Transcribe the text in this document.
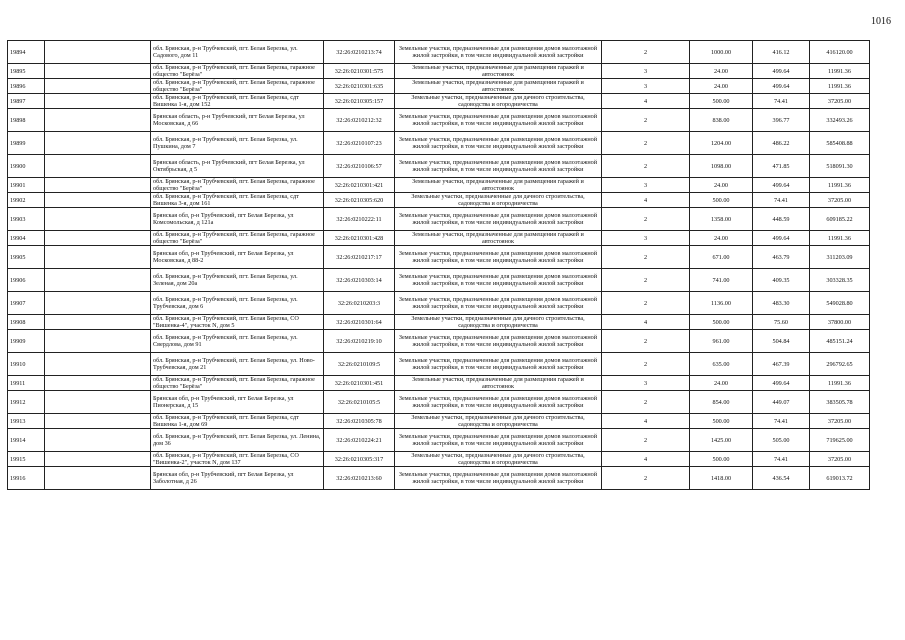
1016
19894		обл. Брянская, р-н Трубчевский, пгт. Белая Березка, ул. Садового, дом 11	32:26:0210213:74	Земельные участки, предназначенные для размещения домов малоэтажной жилой застройки, в том числе индивидуальной жилой застройки	2	1000.00	416.12	416120.00
19895		обл. Брянская, р-н Трубчевский, пгт. Белая Березка, гаражное общество "Берёза"	32:26:0210301:575	Земельные участки, предназначенные для размещения гаражей и автостоянок	3	24.00	499.64	11991.36
19896		обл. Брянская, р-н Трубчевский, пгт. Белая Березка, гаражное общество "Берёза"	32:26:0210301:635	Земельные участки, предназначенные для размещения гаражей и автостоянок	3	24.00	499.64	11991.36
19897		обл. Брянская, р-н Трубчевский, пгт. Белая Березка, сдт Вишенка 1-я, дом 152	32:26:0210305:157	Земельные участки, предназначенные для дачного строительства, садоводства и огородничества	4	500.00	74.41	37205.00
19898		Брянская область, р-н Трубчевский, пгт Белая Березка, ул Московская, д 66	32:26:0210212:32	Земельные участки, предназначенные для размещения домов малоэтажной жилой застройки, в том числе индивидуальной жилой застройки	2	838.00	396.77	332493.26
19899		обл. Брянская, р-н Трубчевский, пгт. Белая Березка, ул. Пушкина, дом 7	32:26:0210107:23	Земельные участки, предназначенные для размещения домов малоэтажной жилой застройки, в том числе индивидуальной жилой застройки	2	1204.00	486.22	585408.88
19900		Брянская область, р-н Трубчевский, пгт Белая Березка, ул Октябрьская, д 5	32:26:0210106:57	Земельные участки, предназначенные для размещения домов малоэтажной жилой застройки, в том числе индивидуальной жилой застройки	2	1098.00	471.85	518091.30
19901		обл. Брянская, р-н Трубчевский, пгт. Белая Березка, гаражное общество "Берёза"	32:26:0210301:421	Земельные участки, предназначенные для размещения гаражей и автостоянок	3	24.00	499.64	11991.36
19902		обл. Брянская, р-н Трубчевский, пгт. Белая Березка, сдт Вишенка 3-я, дом 161	32:26:0210305:620	Земельные участки, предназначенные для дачного строительства, садоводства и огородничества	4	500.00	74.41	37205.00
19903		Брянская обл, р-н Трубчевский, пгт Белая Березка, ул Комсомольская, д 121а	32:26:0210222:11	Земельные участки, предназначенные для размещения домов малоэтажной жилой застройки, в том числе индивидуальной жилой застройки	2	1358.00	448.59	609185.22
19904		обл. Брянская, р-н Трубчевский, пгт. Белая Березка, гаражное общество "Берёза"	32:26:0210301:428	Земельные участки, предназначенные для размещения гаражей и автостоянок	3	24.00	499.64	11991.36
19905		Брянская обл, р-н Трубчевский, пгт Белая Березка, ул Московская, д 88-2	32:26:0210217:17	Земельные участки, предназначенные для размещения домов малоэтажной жилой застройки, в том числе индивидуальной жилой застройки	2	671.00	463.79	311203.09
19906		обл. Брянская, р-н Трубчевский, пгт. Белая Березка, ул. Зеленая, дом 20а	32:26:0210303:14	Земельные участки, предназначенные для размещения домов малоэтажной жилой застройки, в том числе индивидуальной жилой застройки	2	741.00	409.35	303328.35
19907		обл. Брянская, р-н Трубчевский, пгт. Белая Березка, ул. Трубчевская, дом 6	32:26:0210203:3	Земельные участки, предназначенные для размещения домов малоэтажной жилой застройки, в том числе индивидуальной жилой застройки	2	1136.00	483.30	549028.80
19908		обл. Брянская, р-н Трубчевский, пгт. Белая Березка, СО "Вишенка-4", участок N, дом 5	32:26:0210301:64	Земельные участки, предназначенные для дачного строительства, садоводства и огородничества	4	500.00	75.60	37800.00
19909		обл. Брянская, р-н Трубчевский, пгт. Белая Березка, ул. Свердлова, дом 91	32:26:0210219:10	Земельные участки, предназначенные для размещения домов малоэтажной жилой застройки, в том числе индивидуальной жилой застройки	2	961.00	504.84	485151.24
19910		обл. Брянская, р-н Трубчевский, пгт. Белая Березка, ул. Ново-Трубчевская, дом 21	32:26:0210109:5	Земельные участки, предназначенные для размещения домов малоэтажной жилой застройки, в том числе индивидуальной жилой застройки	2	635.00	467.39	296792.65
19911		обл. Брянская, р-н Трубчевский, пгт. Белая Березка, гаражное общество "Берёза"	32:26:0210301:451	Земельные участки, предназначенные для размещения гаражей и автостоянок	3	24.00	499.64	11991.36
19912		Брянская обл, р-н Трубчевский, пгт Белая Березка, ул Пионерская, д 15	32:26:0210105:5	Земельные участки, предназначенные для размещения домов малоэтажной жилой застройки, в том числе индивидуальной жилой застройки	2	854.00	449.07	383505.78
19913		обл. Брянская, р-н Трубчевский, пгт. Белая Березка, сдт Вишенка 1-я, дом 69	32:26:0210305:78	Земельные участки, предназначенные для дачного строительства, садоводства и огородничества	4	500.00	74.41	37205.00
19914		обл. Брянская, р-н Трубчевский, пгт. Белая Березка, ул. Ленина, дом 36	32:26:0210224:21	Земельные участки, предназначенные для размещения домов малоэтажной жилой застройки, в том числе индивидуальной жилой застройки	2	1425.00	505.00	719625.00
19915		обл. Брянская, р-н Трубчевский, пгт. Белая Березка, СО "Вишенка-2", участок N, дом 137	32:26:0210305:317	Земельные участки, предназначенные для дачного строительства, садоводства и огородничества	4	500.00	74.41	37205.00
19916		Брянская обл, р-н Трубчевский, пгт Белая Березка, ул Заболотная, д 26	32:26:0210213:60	Земельные участки, предназначенные для размещения домов малоэтажной жилой застройки, в том числе индивидуальной жилой застройки	2	1418.00	436.54	619013.72
